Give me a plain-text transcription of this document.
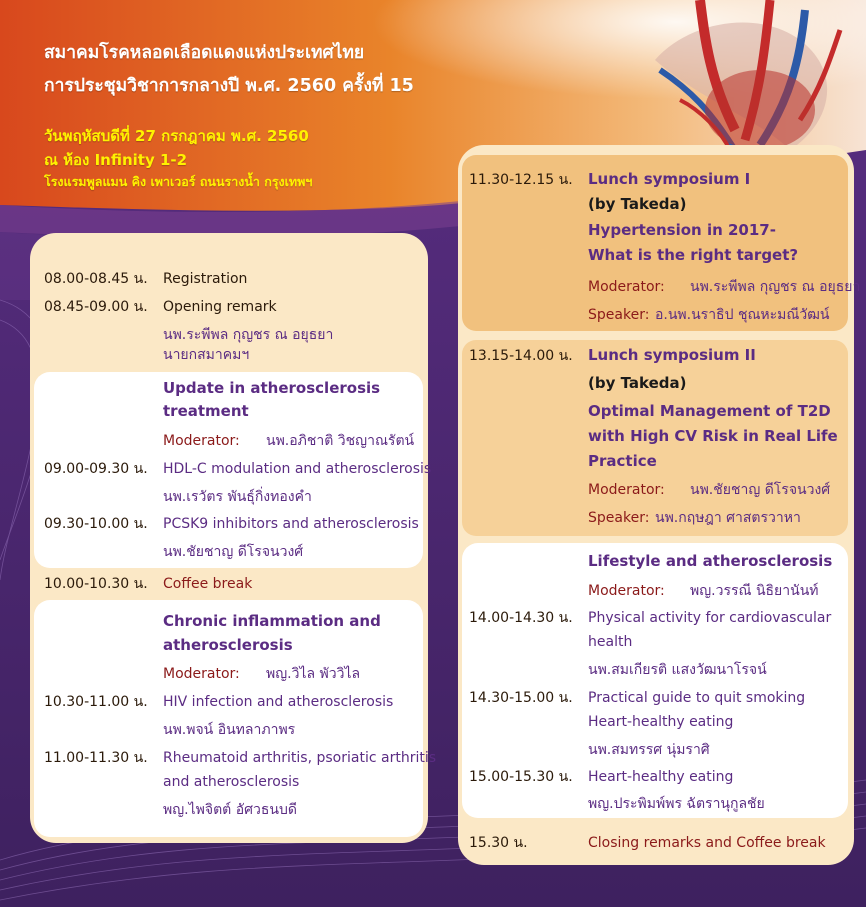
สมาคมโรคหลอดเลือดแดงแห่งประเทศไทย
การประชุมวิชาการกลางปี พ.ศ. 2560 ครั้งที่ 15
วันพฤหัสบดีที่ 27 กรกฎาคม พ.ศ. 2560
ณ ห้อง Infinity 1-2
โรงแรมพูลแมน คิง เพาเวอร์ ถนนรางน้ำ กรุงเทพฯ
08.00-08.45 น. Registration
08.45-09.00 น. Opening remark
นพ.ระพีพล กุญชร ณ อยุธยา
นายกสมาคมฯ
Update in atherosclerosis
treatment
Moderator: นพ.อภิชาติ วิชญาณรัตน์
09.00-09.30 น. HDL-C modulation and atherosclerosis
นพ.เรวัตร พันธุ์กิ่งทองคำ
09.30-10.00 น. PCSK9 inhibitors and atherosclerosis
นพ.ชัยชาญ ดีโรจนวงศ์
10.00-10.30 น. Coffee break
Chronic inflammation and
atherosclerosis
Moderator: พญ.วิไล พัววิไล
10.30-11.00 น. HIV infection and atherosclerosis
นพ.พจน์ อินทลาภาพร
11.00-11.30 น. Rheumatoid arthritis, psoriatic arthritis
and atherosclerosis
พญ.ไพจิตต์ อัศวธนบดี
11.30-12.15 น. Lunch symposium I
(by Takeda)
Hypertension in 2017-
What is the right target?
Moderator: นพ.ระพีพล กุญชร ณ อยุธยา
Speaker: อ.นพ.นราธิป ชุณหะมณีวัฒน์
13.15-14.00 น. Lunch symposium II
(by Takeda)
Optimal Management of T2D
with High CV Risk in Real Life
Practice
Moderator: นพ.ชัยชาญ ดีโรจนวงศ์
Speaker: นพ.กฤษฎา ศาสตรวาหา
Lifestyle and atherosclerosis
Moderator: พญ.วรรณี นิธิยานันท์
14.00-14.30 น. Physical activity for cardiovascular
health
นพ.สมเกียรติ แสงวัฒนาโรจน์
14.30-15.00 น. Practical guide to quit smoking
Heart-healthy eating
นพ.สมทรรศ นุ่มราศิ
15.00-15.30 น. Heart-healthy eating
พญ.ประพิมพ์พร ฉัตรานุกูลชัย
15.30 น.	Closing remarks and Coffee break
